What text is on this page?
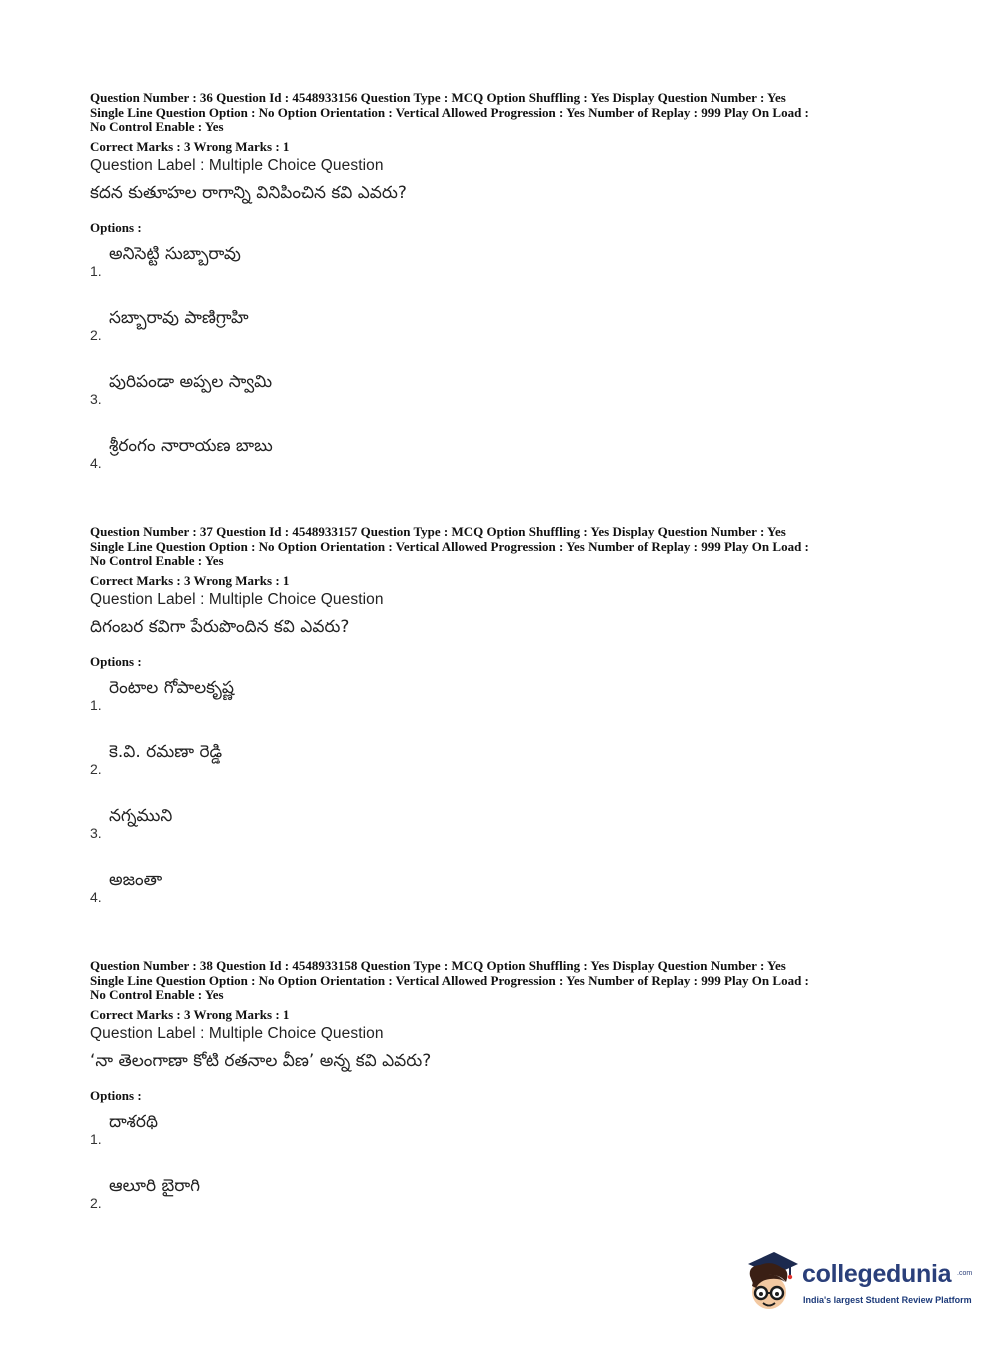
Question Number : 36 Question Id : 4548933156 Question Type : MCQ Option Shuffling : Yes Display Question Number : Yes
Single Line Question Option : No Option Orientation : Vertical Allowed Progression : Yes Number of Replay : 999 Play On Load :
No Control Enable : Yes
Correct Marks : 3 Wrong Marks : 1
Question Label : Multiple Choice Question
కదన కుతూహల రాగాన్ని వినిపించిన కవి ఎవరు?
Options :
అనిసెట్టి సుబ్బారావు
1.
సబ్బారావు పాణిగ్రాహి
2.
పురిపండా అప్పల స్వామి
3.
శ్రీరంగం నారాయణ బాబు
4.
Question Number : 37 Question Id : 4548933157 Question Type : MCQ Option Shuffling : Yes Display Question Number : Yes
Single Line Question Option : No Option Orientation : Vertical Allowed Progression : Yes Number of Replay : 999 Play On Load :
No Control Enable : Yes
Correct Marks : 3 Wrong Marks : 1
Question Label : Multiple Choice Question
దిగంబర కవిగా పేరుపొందిన కవి ఎవరు?
Options :
రెంటాల గోపాలకృష్ణ
1.
కె.వి. రమణా రెడ్డి
2.
నగ్నముని
3.
అజంతా
4.
Question Number : 38 Question Id : 4548933158 Question Type : MCQ Option Shuffling : Yes Display Question Number : Yes
Single Line Question Option : No Option Orientation : Vertical Allowed Progression : Yes Number of Replay : 999 Play On Load :
No Control Enable : Yes
Correct Marks : 3 Wrong Marks : 1
Question Label : Multiple Choice Question
‘నా తెలంగాణా కోటి రతనాల వీణ’ అన్న కవి ఎవరు?
Options :
దాశరథి
1.
ఆలూరి బైరాగి
2.
collegedunia .com
India's largest Student Review Platform
